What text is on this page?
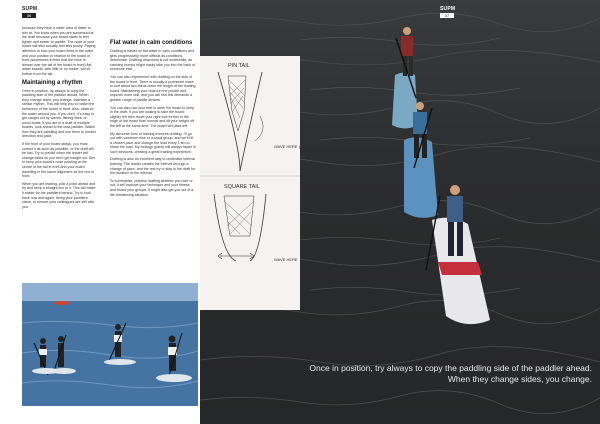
SUPM
36

because they have a wider area of water to aim at. You know when you are successful at the draft because your board starts to feel lighter and easier to paddle. The nose of your board will also actually feel less pushy. Paying attention to how your board feels in the wake and your position in relation to the board in front (sometimes it feels that the nose is almost over the tail of the board in front) flat water boards, with little or no rocker, will sit further from the tail.

Maintaining a rhythm

Once in position, try always to copy the paddling side of the paddler ahead. When they change sides, you change. Maintain a similar rhythm. This will help you to match the behaviour of the board in front. Also, observe the water around you. If you don't, it's easy to get caught out by waves, fishing lines, or wood boats. If you are in a draft of multiple boards, look ahead to the lead paddler. Watch how they are paddling and use them to predict direction and pace.

If the front of your board strays, you must correct it as soon as possible, or the draft will be lost. Try to predict when the leader will change sides so you don't get caught out. Aim to keep your board's nose pointing at the centre of the tail in front and your board travelling in the same alignment as the one in front.

When you are leading, pick a point ahead and try and keep a straight line to it. This will make it easier for the paddlers behind. Try to look back now and again; being your paddlers' vision, to ensure your colleagues are still with you.

Flat water in calm conditions

Drafting is easier on flat water in calm conditions and gets progressively more difficult as conditions deteriorate. Drafting downwind is not worthwhile, as catching bumps might easily take you into the back of someone else.

You can also experiment with drafting on the side of the board in front. There is usually a prominent wave to surf about two-thirds down the length of the leading board. Maintaining your board in the pocket and requires more skill, and you will find this demands a greater range of paddle strokes.

You can also use your feet to steer the board to keep in the draft. If you are looking to take the board slightly left then move your right foot further to the edge of the board than normal and lift your weight off the left at the same time. The board will pass left.

My favourite form of training involves drafting. I'll go out with someone else or a small group, and we'll hit a chosen pace and change the lead every 1 km to share the load. My ecology (pace) will always faster in such sessions, creating a great training experience.

Drafting is also an excellent way to undertake interval training. The leader creates the interval through a change of pace, and the rest try to stay in the draft for the duration of the interval.

To summarise, practise drafting whether you race or not, it will improve your technique and your fitness and board your groups. It might also get you out of a life-threatening situation.

SUPM
37
PIN TAIL
WAVE HERE (HOLE)
SQUARE TAIL
WAVE HERE
Once in position, try always to copy the paddling side of the paddler ahead. When they change sides, you change.
